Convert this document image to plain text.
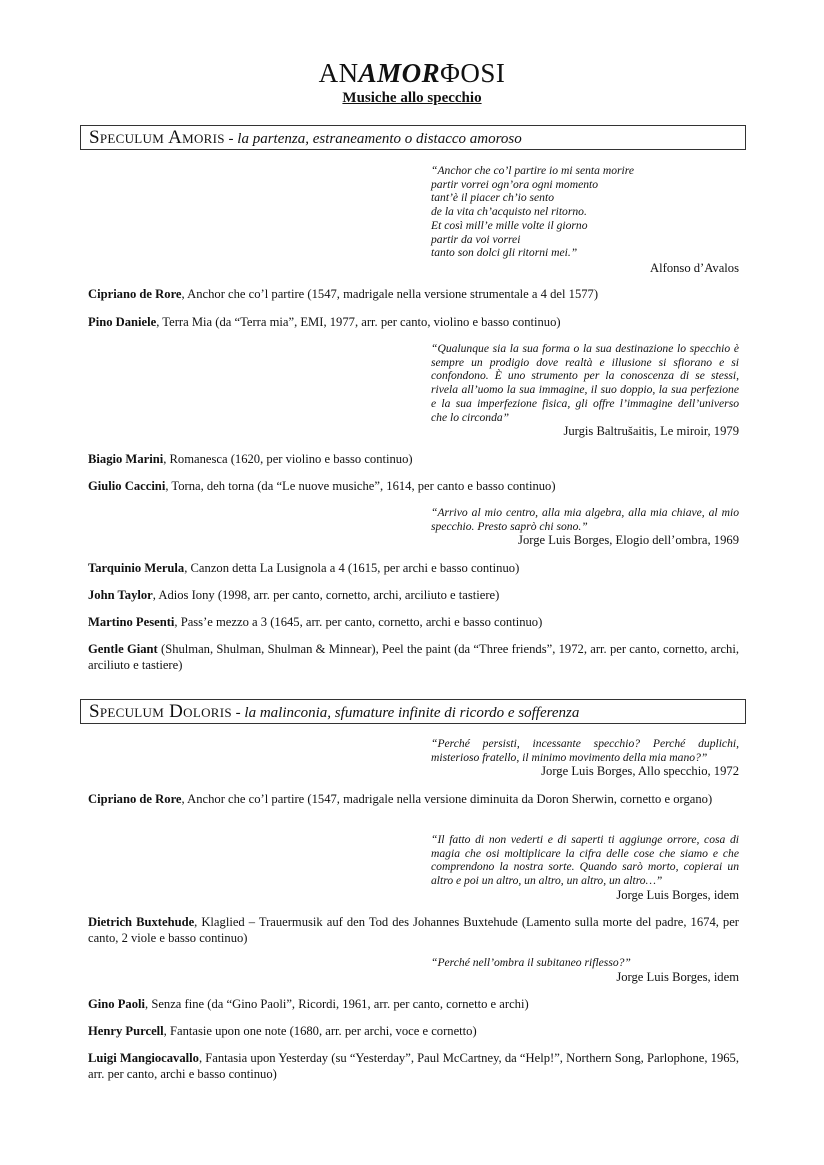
ANAMORΦOSI
Musiche allo specchio
Speculum Amoris - la partenza, estraneamento o distacco amoroso
“Anchor che co’l partire io mi senta morire
partir vorrei ogn’ora ogni momento
tant’è il piacer ch’io sento
de la vita ch’acquisto nel ritorno.
Et così mill’e mille volte il giorno
partir da voi vorrei
tanto son dolci gli ritorni mei.”
Alfonso d’Avalos
Cipriano de Rore, Anchor che co’l partire (1547, madrigale nella versione strumentale a 4 del 1577)
Pino Daniele, Terra Mia (da “Terra mia”, EMI, 1977, arr. per canto, violino e basso continuo)
“Qualunque sia la sua forma o la sua destinazione lo specchio è sempre un prodigio dove realtà e illusione si sfiorano e si confondono. È uno strumento per la conoscenza di se stessi, rivela all’uomo la sua immagine, il suo doppio, la sua perfezione e la sua imperfezione fisica, gli offre l’immagine dell’universo che lo circonda”
Jurgis Baltrušaitis, Le miroir, 1979
Biagio Marini, Romanesca (1620, per violino e basso continuo)
Giulio Caccini, Torna, deh torna (da “Le nuove musiche”, 1614, per canto e basso continuo)
“Arrivo al mio centro, alla mia algebra, alla mia chiave, al mio specchio. Presto saprò chi sono.”
Jorge Luis Borges, Elogio dell’ombra, 1969
Tarquinio Merula, Canzon detta La Lusignola a 4 (1615, per archi e basso continuo)
John Taylor, Adios Iony (1998, arr. per canto, cornetto, archi, arciliuto e tastiere)
Martino Pesenti, Pass’e mezzo a 3 (1645, arr. per canto, cornetto, archi e basso continuo)
Gentle Giant (Shulman, Shulman, Shulman & Minnear), Peel the paint (da “Three friends”, 1972, arr. per canto, cornetto, archi, arciliuto e tastiere)
Speculum Doloris - la malinconia, sfumature infinite di ricordo e sofferenza
“Perché persisti, incessante specchio? Perché duplichi, misterioso fratello, il minimo movimento della mia mano?”
Jorge Luis Borges, Allo specchio, 1972
Cipriano de Rore, Anchor che co’l partire (1547, madrigale nella versione diminuita da Doron Sherwin, cornetto e organo)
“Il fatto di non vederti e di saperti ti aggiunge orrore, cosa di magia che osi moltiplicare la cifra delle cose che siamo e che comprendono la nostra sorte. Quando sarò morto, copierai un altro e poi un altro, un altro, un altro, un altro…”
Jorge Luis Borges, idem
Dietrich Buxtehude, Klaglied – Trauermusik auf den Tod des Johannes Buxtehude (Lamento sulla morte del padre, 1674, per canto, 2 viole e basso continuo)
“Perché nell’ombra il subitaneo riflesso?”
Jorge Luis Borges, idem
Gino Paoli, Senza fine (da “Gino Paoli”, Ricordi, 1961, arr. per canto, cornetto e archi)
Henry Purcell, Fantasie upon one note (1680, arr. per archi, voce e cornetto)
Luigi Mangiocavallo, Fantasia upon Yesterday (su “Yesterday”, Paul McCartney, da “Help!”, Northern Song, Parlophone, 1965, arr. per canto, archi e basso continuo)
